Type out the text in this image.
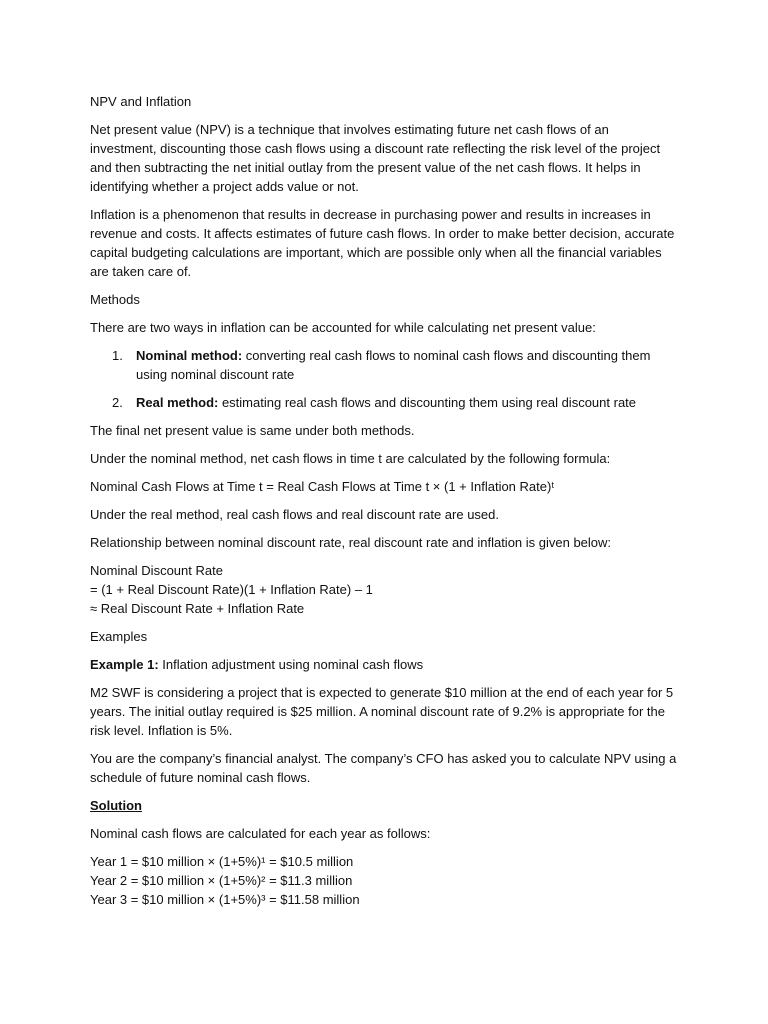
NPV and Inflation

Net present value (NPV) is a technique that involves estimating future net cash flows of an investment, discounting those cash flows using a discount rate reflecting the risk level of the project and then subtracting the net initial outlay from the present value of the net cash flows. It helps in identifying whether a project adds value or not.

Inflation is a phenomenon that results in decrease in purchasing power and results in increases in revenue and costs. It affects estimates of future cash flows. In order to make better decision, accurate capital budgeting calculations are important, which are possible only when all the financial variables are taken care of.

Methods

There are two ways in inflation can be accounted for while calculating net present value:

1.	Nominal method: converting real cash flows to nominal cash flows and discounting them using nominal discount rate
2.	Real method: estimating real cash flows and discounting them using real discount rate

The final net present value is same under both methods.

Under the nominal method, net cash flows in time t are calculated by the following formula:

Nominal Cash Flows at Time t = Real Cash Flows at Time t × (1 + Inflation Rate)ᵗ

Under the real method, real cash flows and real discount rate are used.

Relationship between nominal discount rate, real discount rate and inflation is given below:

Nominal Discount Rate
= (1 + Real Discount Rate)(1 + Inflation Rate) – 1
≈ Real Discount Rate + Inflation Rate

Examples

Example 1: Inflation adjustment using nominal cash flows

M2 SWF is considering a project that is expected to generate $10 million at the end of each year for 5 years. The initial outlay required is $25 million. A nominal discount rate of 9.2% is appropriate for the risk level. Inflation is 5%.

You are the company’s financial analyst. The company’s CFO has asked you to calculate NPV using a schedule of future nominal cash flows.

Solution

Nominal cash flows are calculated for each year as follows:

Year 1 = $10 million × (1+5%)¹ = $10.5 million
Year 2 = $10 million × (1+5%)² = $11.3 million
Year 3 = $10 million × (1+5%)³ = $11.58 million
